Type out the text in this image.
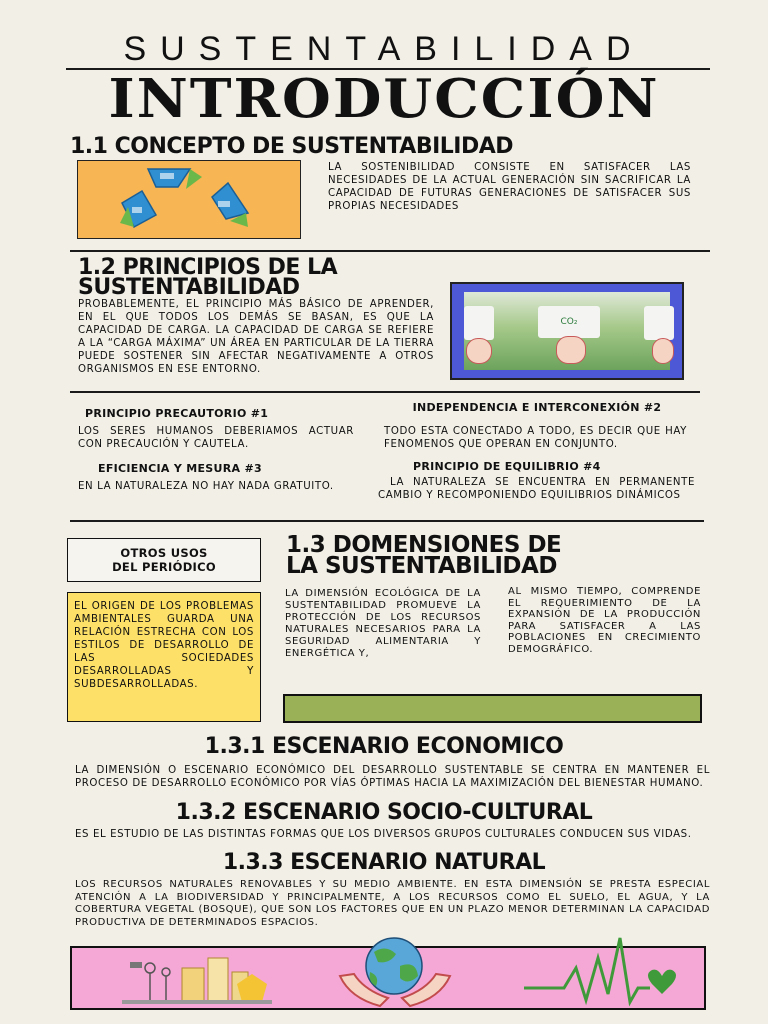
SUSTENTABILIDAD
INTRODUCCIÓN
1.1 CONCEPTO DE SUSTENTABILIDAD
LA SOSTENIBILIDAD CONSISTE EN SATISFACER LAS NECESIDADES DE LA ACTUAL GENERACIÓN SIN SACRIFICAR LA CAPACIDAD DE FUTURAS GENERACIONES DE SATISFACER SUS PROPIAS NECESIDADES
1.2 PRINCIPIOS DE LA
SUSTENTABILIDAD
PROBABLEMENTE, EL PRINCIPIO MÁS BÁSICO DE APRENDER, EN EL QUE TODOS LOS DEMÁS SE BASAN, ES QUE LA CAPACIDAD DE CARGA. LA CAPACIDAD DE CARGA SE REFIERE A LA “CARGA MÁXIMA” UN ÁREA EN PARTICULAR DE LA TIERRA PUEDE SOSTENER SIN AFECTAR NEGATIVAMENTE A OTROS ORGANISMOS EN ESE ENTORNO.
CO₂
PRINCIPIO PRECAUTORIO #1
LOS SERES HUMANOS DEBERIAMOS ACTUAR CON PRECAUCIÓN Y CAUTELA.
INDEPENDENCIA E INTERCONEXIÓN #2
TODO ESTA CONECTADO A TODO, ES DECIR QUE HAY FENOMENOS QUE OPERAN EN CONJUNTO.
EFICIENCIA Y MESURA #3
EN LA NATURALEZA NO HAY NADA GRATUITO.
PRINCIPIO DE EQUILIBRIO #4
LA NATURALEZA SE ENCUENTRA EN PERMANENTE CAMBIO Y RECOMPONIENDO EQUILIBRIOS DINÁMICOS
OTROS USOS
DEL PERIÓDICO
EL ORIGEN DE LOS PROBLEMAS AMBIENTALES GUARDA UNA RELACIÓN ESTRECHA CON LOS ESTILOS DE DESARROLLO DE LAS SOCIEDADES DESARROLLADAS Y SUBDESARROLLADAS.
1.3 DOMENSIONES DE
LA SUSTENTABILIDAD
LA DIMENSIÓN ECOLÓGICA DE LA SUSTENTABILIDAD PROMUEVE LA PROTECCIÓN DE LOS RECURSOS NATURALES NECESARIOS PARA LA SEGURIDAD ALIMENTARIA Y ENERGÉTICA Y,
AL MISMO TIEMPO, COMPRENDE EL REQUERIMIENTO DE LA EXPANSIÓN DE LA PRODUCCIÓN PARA SATISFACER A LAS POBLACIONES EN CRECIMIENTO DEMOGRÁFICO.
1.3.1 ESCENARIO ECONOMICO
LA DIMENSIÓN O ESCENARIO ECONÓMICO DEL DESARROLLO SUSTENTABLE SE CENTRA EN MANTENER EL PROCESO DE DESARROLLO ECONÓMICO POR VÍAS ÓPTIMAS HACIA LA MAXIMIZACIÓN DEL BIENESTAR HUMANO.
1.3.2 ESCENARIO SOCIO-CULTURAL
ES EL ESTUDIO DE LAS DISTINTAS FORMAS QUE LOS DIVERSOS GRUPOS CULTURALES CONDUCEN SUS VIDAS.
1.3.3 ESCENARIO NATURAL
LOS RECURSOS NATURALES RENOVABLES Y SU MEDIO AMBIENTE. EN ESTA DIMENSIÓN SE PRESTA ESPECIAL ATENCIÓN A LA BIODIVERSIDAD Y PRINCIPALMENTE, A LOS RECURSOS COMO EL SUELO, EL AGUA, Y LA COBERTURA VEGETAL (BOSQUE), QUE SON LOS FACTORES QUE EN UN PLAZO MENOR DETERMINAN LA CAPACIDAD PRODUCTIVA DE DETERMINADOS ESPACIOS.
